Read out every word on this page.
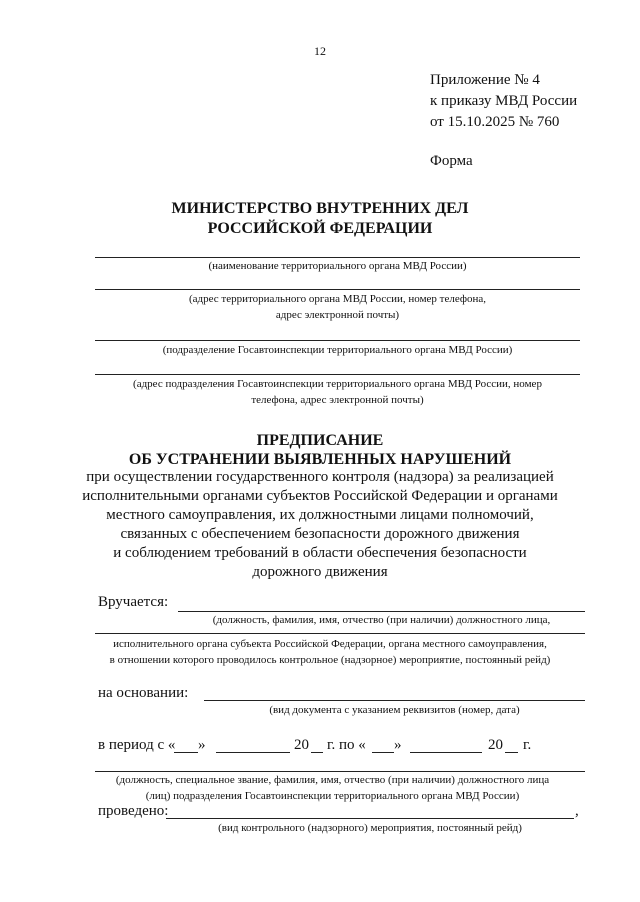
12
Приложение № 4
к приказу МВД России
от 15.10.2025 № 760
Форма
МИНИСТЕРСТВО ВНУТРЕННИХ ДЕЛ
РОССИЙСКОЙ ФЕДЕРАЦИИ
(наименование территориального органа МВД России)
(адрес территориального органа МВД России, номер телефона,
адрес электронной почты)
(подразделение Госавтоинспекции территориального органа МВД России)
(адрес подразделения Госавтоинспекции территориального органа МВД России, номер
телефона, адрес электронной почты)
ПРЕДПИСАНИЕ
ОБ УСТРАНЕНИИ ВЫЯВЛЕННЫХ НАРУШЕНИЙ
при осуществлении государственного контроля (надзора) за реализацией
исполнительными органами субъектов Российской Федерации и органами
местного самоуправления, их должностными лицами полномочий,
связанных с обеспечением безопасности дорожного движения
и соблюдением требований в области обеспечения безопасности
дорожного движения
Вручается:
(должность, фамилия, имя, отчество (при наличии) должностного лица,
исполнительного органа субъекта Российской Федерации, органа местного самоуправления,
в отношении которого проводилось контрольное (надзорное) мероприятие, постоянный рейд)
на основании:
(вид документа с указанием реквизитов (номер, дата)
в период с « »	20 г. по « »	20 г.
(должность, специальное звание, фамилия, имя, отчество (при наличии) должностного лица
(лиц) подразделения Госавтоинспекции территориального органа МВД России)
проведено:	,
(вид контрольного (надзорного) мероприятия, постоянный рейд)
